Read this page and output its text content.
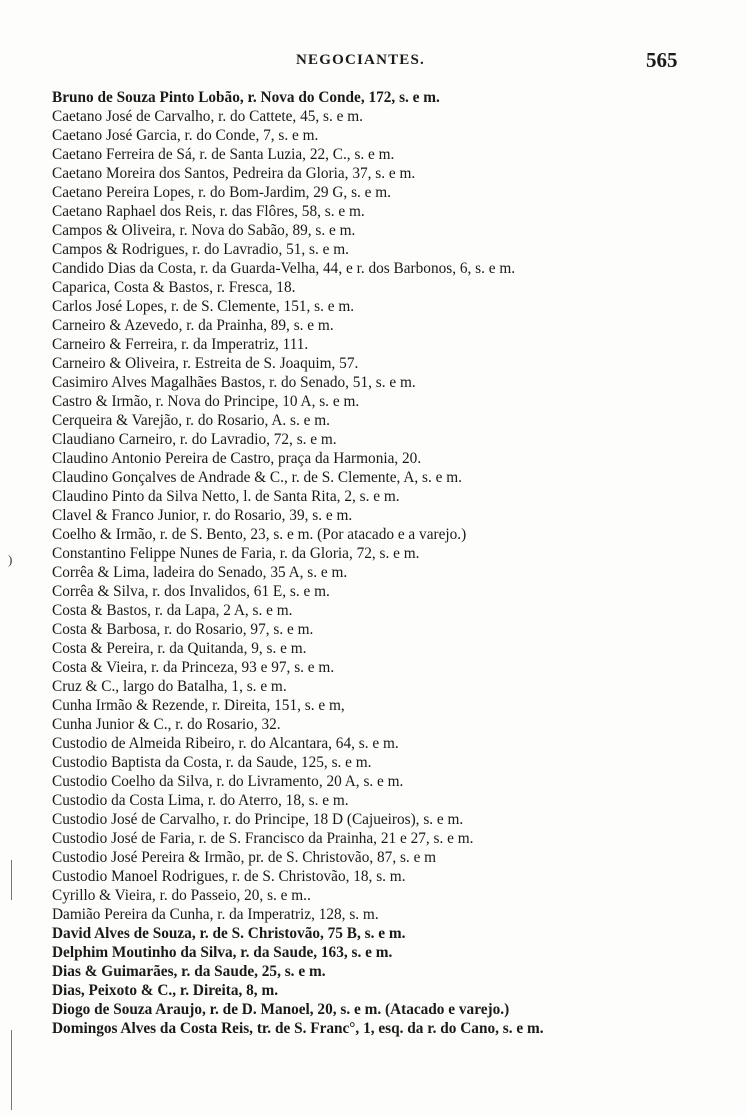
NEGOCIANTES.	565
)
Bruno de Souza Pinto Lobão, r. Nova do Conde, 172, s. e m.
Caetano José de Carvalho, r. do Cattete, 45, s. e m.
Caetano José Garcia, r. do Conde, 7, s. e m.
Caetano Ferreira de Sá, r. de Santa Luzia, 22, C., s. e m.
Caetano Moreira dos Santos, Pedreira da Gloria, 37, s. e m.
Caetano Pereira Lopes, r. do Bom-Jardim, 29 G, s. e m.
Caetano Raphael dos Reis, r. das Flôres, 58, s. e m.
Campos & Oliveira, r. Nova do Sabão, 89, s. e m.
Campos & Rodrigues, r. do Lavradio, 51, s. e m.
Candido Dias da Costa, r. da Guarda-Velha, 44, e r. dos Barbonos, 6, s. e m.
Caparica, Costa & Bastos, r. Fresca, 18.
Carlos José Lopes, r. de S. Clemente, 151, s. e m.
Carneiro & Azevedo, r. da Prainha, 89, s. e m.
Carneiro & Ferreira, r. da Imperatriz, 111.
Carneiro & Oliveira, r. Estreita de S. Joaquim, 57.
Casimiro Alves Magalhães Bastos, r. do Senado, 51, s. e m.
Castro & Irmão, r. Nova do Principe, 10 A, s. e m.
Cerqueira & Varejão, r. do Rosario, A. s. e m.
Claudiano Carneiro, r. do Lavradio, 72, s. e m.
Claudino Antonio Pereira de Castro, praça da Harmonia, 20.
Claudino Gonçalves de Andrade & C., r. de S. Clemente, A, s. e m.
Claudino Pinto da Silva Netto, l. de Santa Rita, 2, s. e m.
Clavel & Franco Junior, r. do Rosario, 39, s. e m.
Coelho & Irmão, r. de S. Bento, 23, s. e m. (Por atacado e a varejo.)
Constantino Felippe Nunes de Faria, r. da Gloria, 72, s. e m.
Corrêa & Lima, ladeira do Senado, 35 A, s. e m.
Corrêa & Silva, r. dos Invalidos, 61 E, s. e m.
Costa & Bastos, r. da Lapa, 2 A, s. e m.
Costa & Barbosa, r. do Rosario, 97, s. e m.
Costa & Pereira, r. da Quitanda, 9, s. e m.
Costa & Vieira, r. da Princeza, 93 e 97, s. e m.
Cruz & C., largo do Batalha, 1, s. e m.
Cunha Irmão & Rezende, r. Direita, 151, s. e m,
Cunha Junior & C., r. do Rosario, 32.
Custodio de Almeida Ribeiro, r. do Alcantara, 64, s. e m.
Custodio Baptista da Costa, r. da Saude, 125, s. e m.
Custodio Coelho da Silva, r. do Livramento, 20 A, s. e m.
Custodio da Costa Lima, r. do Aterro, 18, s. e m.
Custodio José de Carvalho, r. do Principe, 18 D (Cajueiros), s. e m.
Custodio José de Faria, r. de S. Francisco da Prainha, 21 e 27, s. e m.
Custodio José Pereira & Irmão, pr. de S. Christovão, 87, s. e m
Custodio Manoel Rodrigues, r. de S. Christovão, 18, s. m.
Cyrillo & Vieira, r. do Passeio, 20, s. e m..
Damião Pereira da Cunha, r. da Imperatriz, 128, s. m.
David Alves de Souza, r. de S. Christovão, 75 B, s. e m.
Delphim Moutinho da Silva, r. da Saude, 163, s. e m.
Dias & Guimarães, r. da Saude, 25, s. e m.
Dias, Peixoto & C., r. Direita, 8, m.
Diogo de Souza Araujo, r. de D. Manoel, 20, s. e m. (Atacado e varejo.)
Domingos Alves da Costa Reis, tr. de S. Franc°, 1, esq. da r. do Cano, s. e m.
